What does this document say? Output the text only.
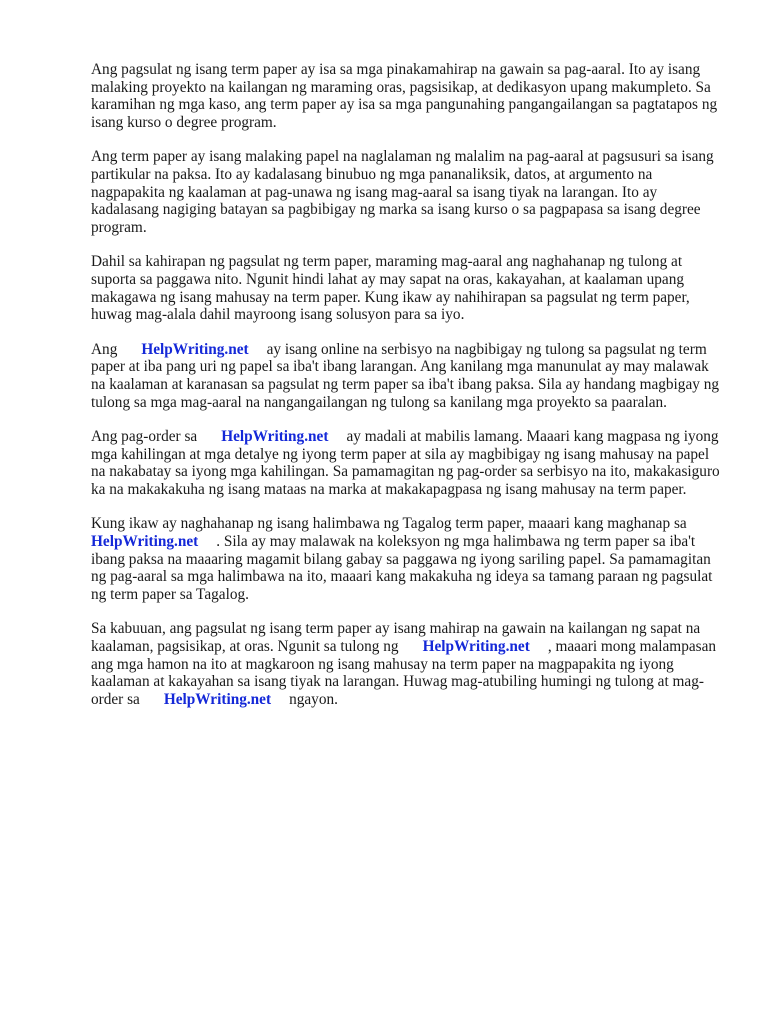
Ang pagsulat ng isang term paper ay isa sa mga pinakamahirap na gawain sa pag-aaral. Ito ay isang malaking proyekto na kailangan ng maraming oras, pagsisikap, at dedikasyon upang makumpleto. Sa karamihan ng mga kaso, ang term paper ay isa sa mga pangunahing pangangailangan sa pagtatapos ng isang kurso o degree program.

Ang term paper ay isang malaking papel na naglalaman ng malalim na pag-aaral at pagsusuri sa isang partikular na paksa. Ito ay kadalasang binubuo ng mga pananaliksik, datos, at argumento na nagpapakita ng kaalaman at pag-unawa ng isang mag-aaral sa isang tiyak na larangan. Ito ay kadalasang nagiging batayan sa pagbibigay ng marka sa isang kurso o sa pagpapasa sa isang degree program.

Dahil sa kahirapan ng pagsulat ng term paper, maraming mag-aaral ang naghahanap ng tulong at suporta sa paggawa nito. Ngunit hindi lahat ay may sapat na oras, kakayahan, at kaalaman upang makagawa ng isang mahusay na term paper. Kung ikaw ay nahihirapan sa pagsulat ng term paper, huwag mag-alala dahil mayroong isang solusyon para sa iyo.

Ang HelpWriting.net ay isang online na serbisyo na nagbibigay ng tulong sa pagsulat ng term paper at iba pang uri ng papel sa iba't ibang larangan. Ang kanilang mga manunulat ay may malawak na kaalaman at karanasan sa pagsulat ng term paper sa iba't ibang paksa. Sila ay handang magbigay ng tulong sa mga mag-aaral na nangangailangan ng tulong sa kanilang mga proyekto sa paaralan.

Ang pag-order sa HelpWriting.net ay madali at mabilis lamang. Maaari kang magpasa ng iyong mga kahilingan at mga detalye ng iyong term paper at sila ay magbibigay ng isang mahusay na papel na nakabatay sa iyong mga kahilingan. Sa pamamagitan ng pag-order sa serbisyo na ito, makakasiguro ka na makakakuha ng isang mataas na marka at makakapagpasa ng isang mahusay na term paper.

Kung ikaw ay naghahanap ng isang halimbawa ng Tagalog term paper, maaari kang maghanap sa HelpWriting.net . Sila ay may malawak na koleksyon ng mga halimbawa ng term paper sa iba't ibang paksa na maaaring magamit bilang gabay sa paggawa ng iyong sariling papel. Sa pamamagitan ng pag-aaral sa mga halimbawa na ito, maaari kang makakuha ng ideya sa tamang paraan ng pagsulat ng term paper sa Tagalog.

Sa kabuuan, ang pagsulat ng isang term paper ay isang mahirap na gawain na kailangan ng sapat na kaalaman, pagsisikap, at oras. Ngunit sa tulong ng HelpWriting.net , maaari mong malampasan ang mga hamon na ito at magkaroon ng isang mahusay na term paper na magpapakita ng iyong kaalaman at kakayahan sa isang tiyak na larangan. Huwag mag-atubiling humingi ng tulong at mag-order sa HelpWriting.net ngayon.
